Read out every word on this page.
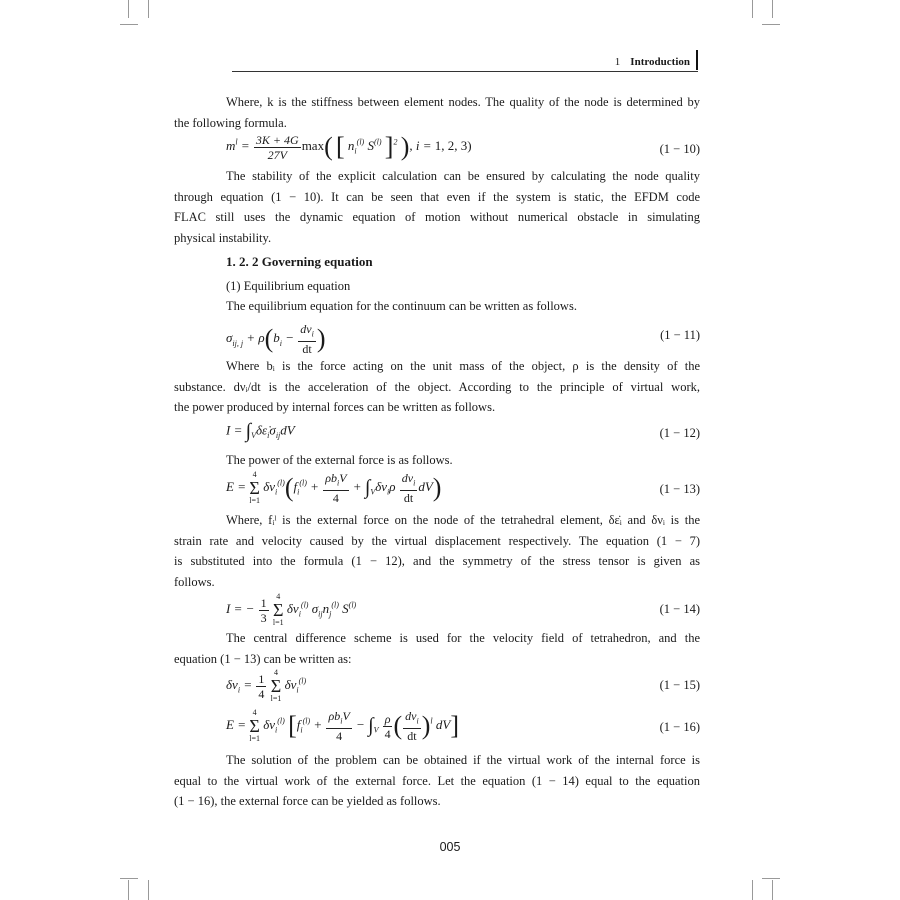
1 Introduction
Where, k is the stiffness between element nodes. The quality of the node is determined by
the following formula.
$m^l = \frac{3K + 4G}{27V} \max$( [ $n_i^{(l)}$ $S^{(l)}$ ]$^2$ ), i = 1, 2, 3)	(1 − 10)
The stability of the explicit calculation can be ensured by calculating the node quality
through equation (1 − 10). It can be seen that even if the system is static, the EFDM code
FLAC still uses the dynamic equation of motion without numerical obstacle in simulating
physical instability.
1. 2. 2 Governing equation
(1) Equilibrium equation
The equilibrium equation for the continuum can be written as follows.
$\sigma_{ij, j} + \rho(b_i - \frac{d\nu_i}{dt}$ )	(1 − 11)
Where bᵢ is the force acting on the unit mass of the object, ρ is the density of the
substance. dνᵢ/dt is the acceleration of the object. According to the principle of virtual work,
the power produced by internal forces can be written as follows.
$I = \int_V\delta\varepsiloṅ_i\sigma_{ij}dV$	(1 − 12)
The power of the external force is as follows.
E =
4
Σ
l=1
$\delta\nu_i^{(l)}(f_i^{(l)} + \frac{\rho b_iV}{4} + \int_V\delta\nu_i\rho \frac{d\nu_i}{dt} dV)$	(1 − 13)
Where, fᵢˡ is the external force on the node of the tetrahedral element, δε̇ᵢ and δνᵢ is the
strain rate and velocity caused by the virtual displacement respectively. The equation (1 − 7)
is substituted into the formula (1 − 12), and the symmetry of the stress tensor is given as
follows.
I = − $\frac{1}{3}$
4
Σ
l=1
$\delta\nu_i^{(l)}$ $\sigma_{ij}n_j^{(l)}$ $S^{(l)}$	(1 − 14)
The central difference scheme is used for the velocity field of tetrahedron, and the
equation (1 − 13) can be written as:
$\delta\nu_i = \frac{1}{4}$
4
Σ
l=1
$\delta\nu_i^{(l)}$	(1 − 15)
E =
4
Σ
l=1
$\delta\nu_i^{(l)}$ [$f_i^{(l)} + \frac{\rho b_iV}{4} - \int_V \frac{\rho}{4}$ ( $\frac{d\nu_i}{dt} )^l$ dV]	(1 − 16)
The solution of the problem can be obtained if the virtual work of the internal force is
equal to the virtual work of the external force. Let the equation (1 − 14) equal to the equation
(1 − 16), the external force can be yielded as follows.
005
